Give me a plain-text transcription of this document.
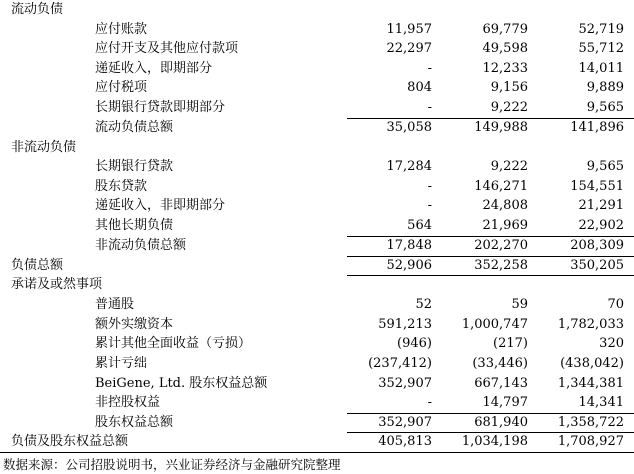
流动负债
应付账款	11,957	69,779	52,719
应付开支及其他应付款项	22,297	49,598	55,712
递延收入，即期部分	-	12,233	14,011
应付税项	804	9,156	9,889
长期银行贷款即期部分	-	9,222	9,565
流动负债总额	35,058	149,988	141,896
非流动负债
长期银行贷款	17,284	9,222	9,565
股东贷款	-	146,271	154,551
递延收入，非即期部分	-	24,808	21,291
其他长期负债	564	21,969	22,902
非流动负债总额	17,848	202,270	208,309
负债总额	52,906	352,258	350,205
承诺及或然事项
普通股	52	59	70
额外实缴资本	591,213	1,000,747	1,782,033
累计其他全面收益（亏损）	(946)	(217)	320
累计亏绌	(237,412)	(33,446)	(438,042)
BeiGene, Ltd. 股东权益总额	352,907	667,143	1,344,381
非控股权益	-	14,797	14,341
股东权益总额	352,907	681,940	1,358,722
负债及股东权益总额	405,813	1,034,198	1,708,927
数据来源：公司招股说明书，兴业证券经济与金融研究院整理
